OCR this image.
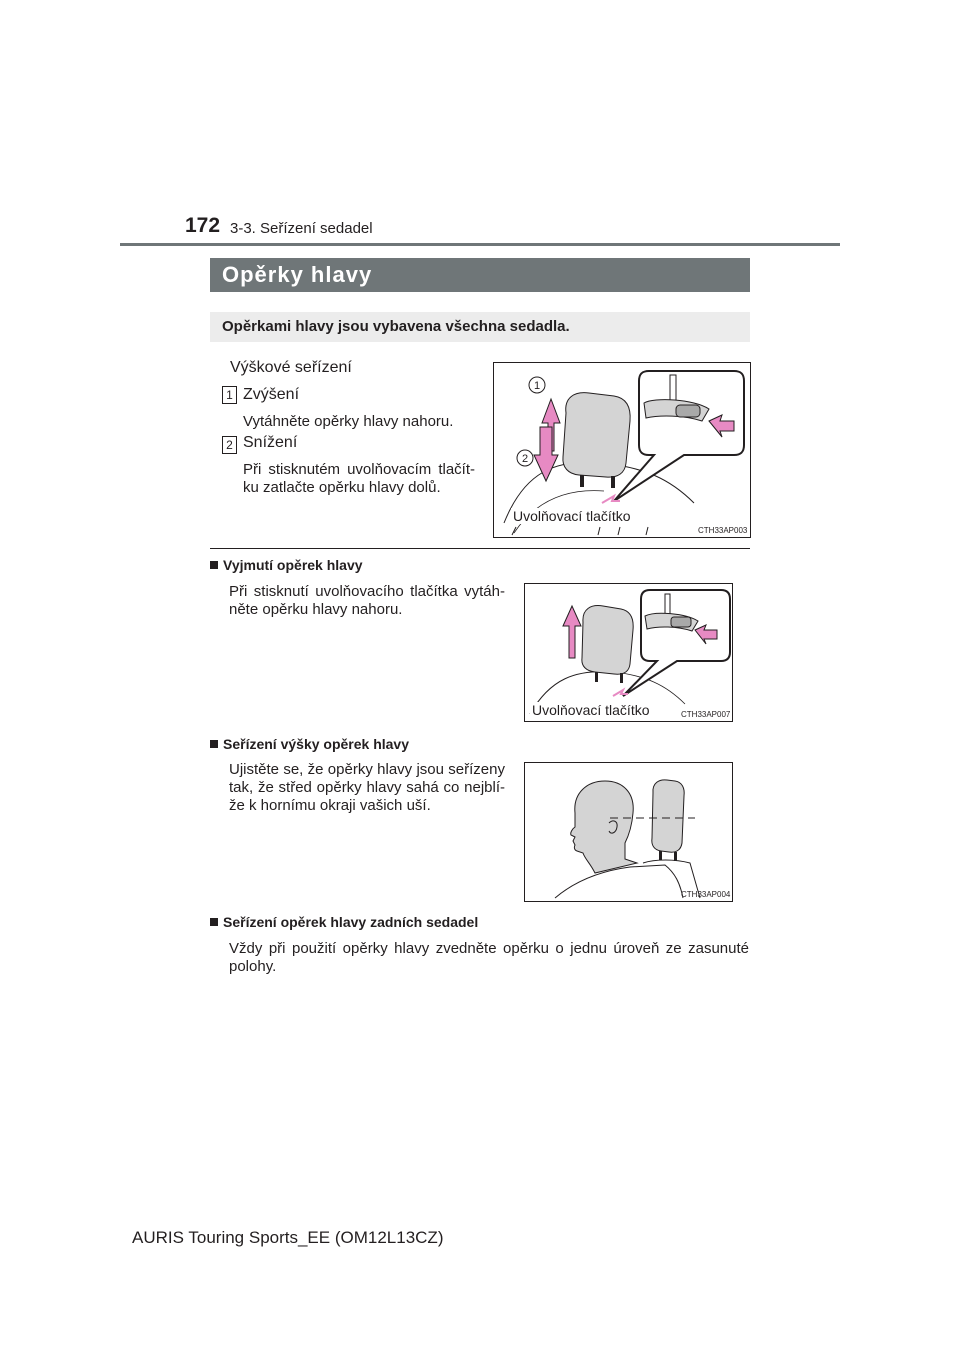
172 3-3. Seřízení sedadel
Opěrky hlavy
Opěrkami hlavy jsou vybavena všechna sedadla.
Výškové seřízení
1 Zvýšení
Vytáhněte opěrky hlavy nahoru.
2 Snížení
Při stisknutém uvolňovacím tlačít-ku zatlačte opěrku hlavy dolů.
1
2
Uvolňovací tlačítko
CTH33AP003
Vyjmutí opěrek hlavy
Při stisknutí uvolňovacího tlačítka vytáh-něte opěrku hlavy nahoru.
Uvolňovací tlačítko	CTH33AP007
Seřízení výšky opěrek hlavy
Ujistěte se, že opěrky hlavy jsou seřízeny tak, že střed opěrky hlavy sahá co nejblí-že k hornímu okraji vašich uší.
CTH33AP004
Seřízení opěrek hlavy zadních sedadel
Vždy při použití opěrky hlavy zvedněte opěrku o jednu úroveň ze zasunuté polohy.
AURIS Touring Sports_EE (OM12L13CZ)
